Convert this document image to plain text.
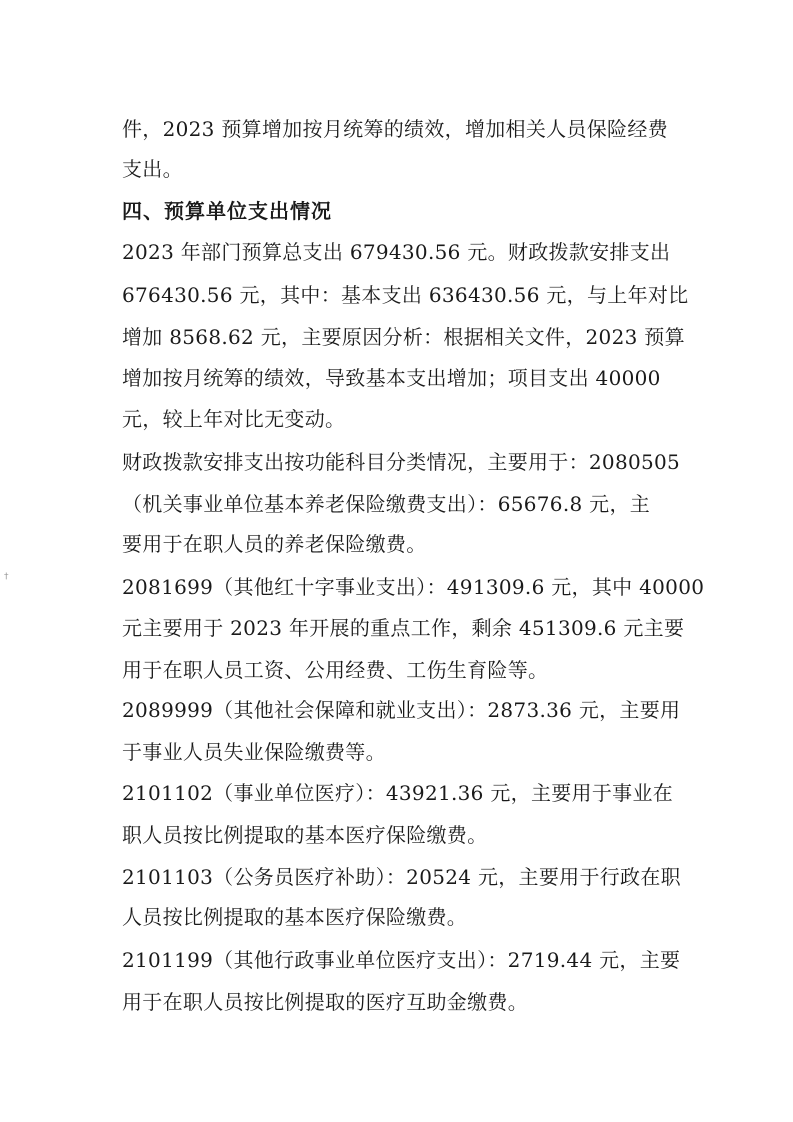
件，2023 预算增加按月统筹的绩效，增加相关人员保险经费
支出。
四、预算单位支出情况
2023 年部门预算总支出 679430.56 元。财政拨款安排支出
676430.56 元，其中：基本支出 636430.56 元，与上年对比
增加 8568.62 元，主要原因分析：根据相关文件，2023 预算
增加按月统筹的绩效，导致基本支出增加；项目支出 40000
元，较上年对比无变动。
财政拨款安排支出按功能科目分类情况，主要用于：2080505
（机关事业单位基本养老保险缴费支出）：65676.8 元，主
要用于在职人员的养老保险缴费。
2081699（其他红十字事业支出）：491309.6 元，其中 40000
元主要用于 2023 年开展的重点工作，剩余 451309.6 元主要
用于在职人员工资、公用经费、工伤生育险等。
2089999（其他社会保障和就业支出）：2873.36 元，主要用
于事业人员失业保险缴费等。
2101102（事业单位医疗）：43921.36 元，主要用于事业在
职人员按比例提取的基本医疗保险缴费。
2101103（公务员医疗补助）：20524 元，主要用于行政在职
人员按比例提取的基本医疗保险缴费。
2101199（其他行政事业单位医疗支出）：2719.44 元，主要
用于在职人员按比例提取的医疗互助金缴费。
†
